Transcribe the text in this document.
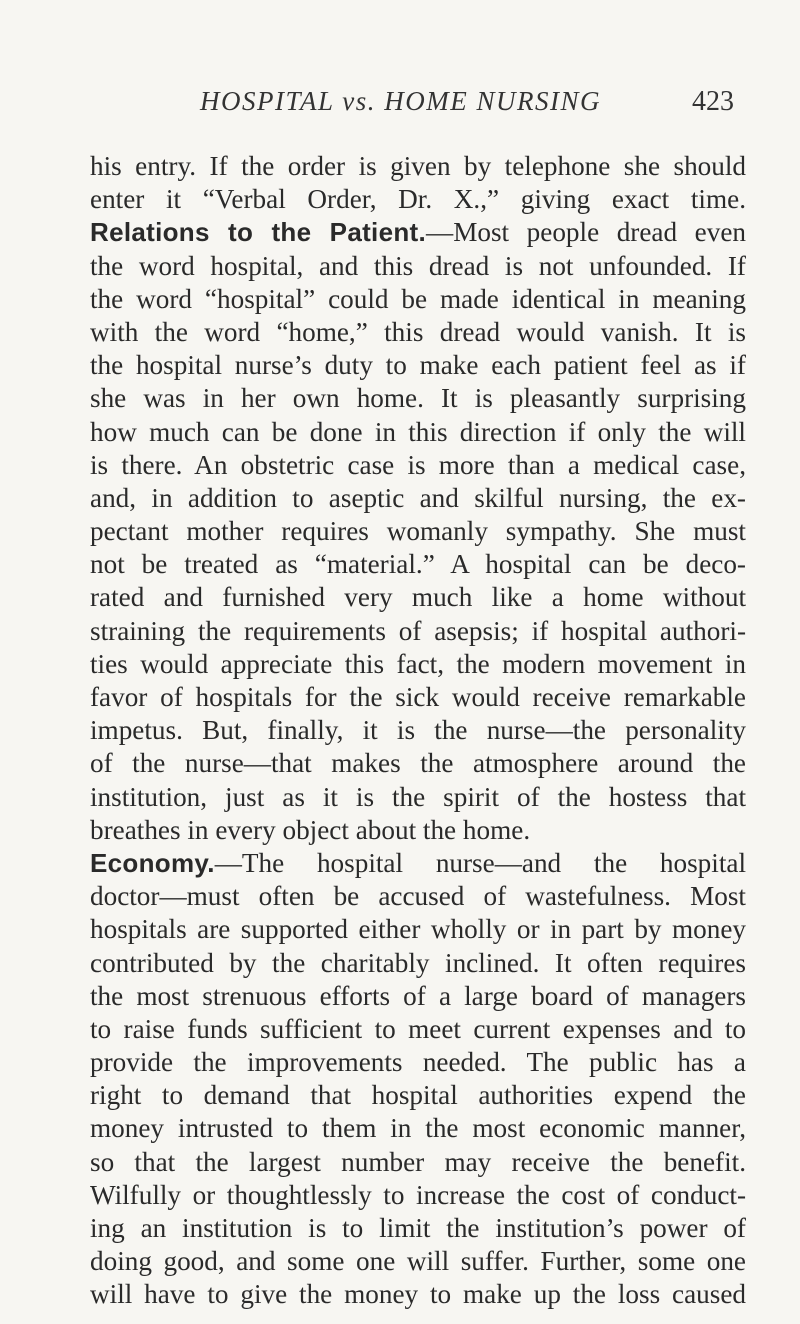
HOSPITAL vs. HOME NURSING	423
his entry. If the order is given by telephone she should
enter it “Verbal Order, Dr. X.,” giving exact time.
Relations to the Patient.—Most people dread even
the word hospital, and this dread is not unfounded. If
the word “hospital” could be made identical in meaning
with the word “home,” this dread would vanish. It is
the hospital nurse’s duty to make each patient feel as if
she was in her own home. It is pleasantly surprising
how much can be done in this direction if only the will
is there. An obstetric case is more than a medical case,
and, in addition to aseptic and skilful nursing, the ex-
pectant mother requires womanly sympathy. She must
not be treated as “material.” A hospital can be deco-
rated and furnished very much like a home without
straining the requirements of asepsis; if hospital authori-
ties would appreciate this fact, the modern movement in
favor of hospitals for the sick would receive remarkable
impetus. But, finally, it is the nurse—the personality
of the nurse—that makes the atmosphere around the
institution, just as it is the spirit of the hostess that
breathes in every object about the home.
Economy.—The hospital nurse—and the hospital
doctor—must often be accused of wastefulness. Most
hospitals are supported either wholly or in part by money
contributed by the charitably inclined. It often requires
the most strenuous efforts of a large board of managers
to raise funds sufficient to meet current expenses and to
provide the improvements needed. The public has a
right to demand that hospital authorities expend the
money intrusted to them in the most economic manner,
so that the largest number may receive the benefit.
Wilfully or thoughtlessly to increase the cost of conduct-
ing an institution is to limit the institution’s power of
doing good, and some one will suffer. Further, some one
will have to give the money to make up the loss caused
